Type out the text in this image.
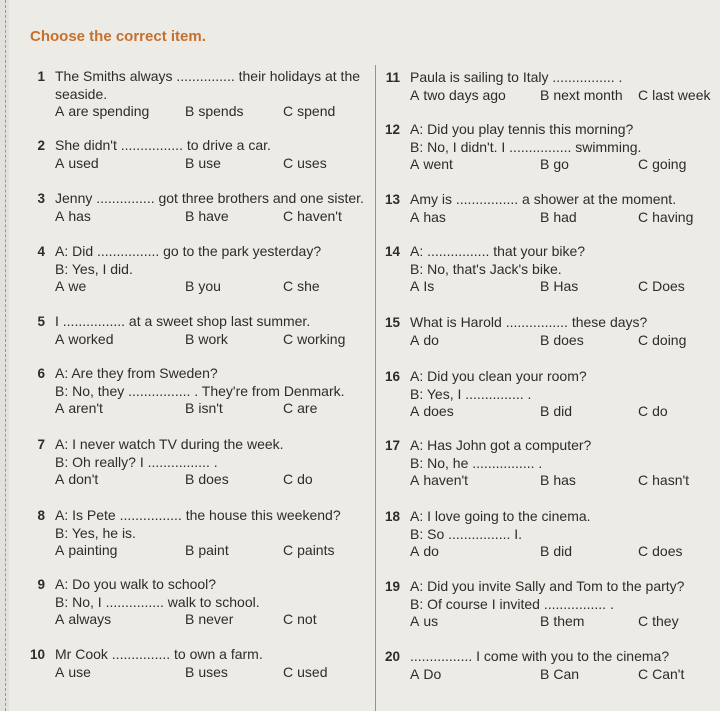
Choose the correct item.
1 The Smiths always ............... their holidays at the
seaside.
A are spending	B spends	C spend
2 She didn't ................ to drive a car.
A used	B use	C uses
3 Jenny ............... got three brothers and one sister.
A has	B have	C haven't
4 A: Did ................ go to the park yesterday?
B: Yes, I did.
A we	B you	C she
5 I ................ at a sweet shop last summer.
A worked	B work	C working
6 A: Are they from Sweden?
B: No, they ................ . They're from Denmark.
A aren't	B isn't	C are
7 A: I never watch TV during the week.
B: Oh really? I ................ .
A don't	B does	C do
8 A: Is Pete ................ the house this weekend?
B: Yes, he is.
A painting	B paint	C paints
9 A: Do you walk to school?
B: No, I ............... walk to school.
A always	B never	C not
10 Mr Cook ............... to own a farm.
A use	B uses	C used
11 Paula is sailing to Italy ................ .
A two days ago B next month C last week
12 A: Did you play tennis this morning?
B: No, I didn't. I ................ swimming.
A went	B go	C going
13 Amy is ................ a shower at the moment.
A has	B had	C having
14 A: ................ that your bike?
B: No, that's Jack's bike.
A Is	B Has	C Does
15 What is Harold ................ these days?
A do	B does	C doing
16 A: Did you clean your room?
B: Yes, I ............... .
A does	B did	C do
17 A: Has John got a computer?
B: No, he ................ .
A haven't	B has	C hasn't
18 A: I love going to the cinema.
B: So ................ I.
A do	B did	C does
19 A: Did you invite Sally and Tom to the party?
B: Of course I invited ................ .
A us	B them	C they
20 ................ I come with you to the cinema?
A Do	B Can	C Can't
